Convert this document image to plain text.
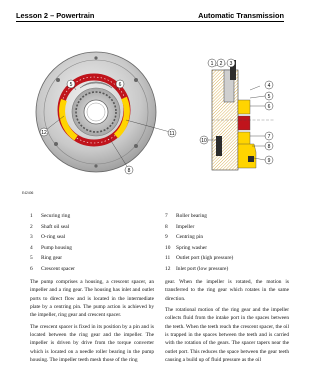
Lesson 2 – Powertrain	Automatic Transmission
5	6
12	11
8
1 2 3
4
5
6
7
8
9
10
E42406
1	Securing ring
2	Shaft oil seal
3	O-ring seal
4	Pump housing
5	Ring gear
6	Crescent spacer
7	Roller bearing
8	Impeller
9	Centring pin
10	Spring washer
11	Outlet port (high pressure)
12	Inlet port (low pressure)

The pump comprises a housing, a crescent spacer, an impeller and a ring gear. The housing has inlet and outlet ports to direct flow and is located in the intermediate plate by a centring pin. The pump action is achieved by the impeller, ring gear and crescent spacer.

The crescent spacer is fixed in its position by a pin and is located between the ring gear and the impeller. The impeller is driven by drive from the torque converter which is located on a needle roller bearing in the pump housing. The impeller teeth mesh those of the ring

gear. When the impeller is rotated, the motion is transferred to the ring gear which rotates in the same direction.

The rotational motion of the ring gear and the impeller collects fluid from the intake port in the spaces between the teeth. When the teeth reach the crescent spacer, the oil is trapped in the spaces between the teeth and is carried with the rotation of the gears. The spacer tapers near the outlet port. This reduces the space between the gear teeth causing a build up of fluid pressure as the oil
